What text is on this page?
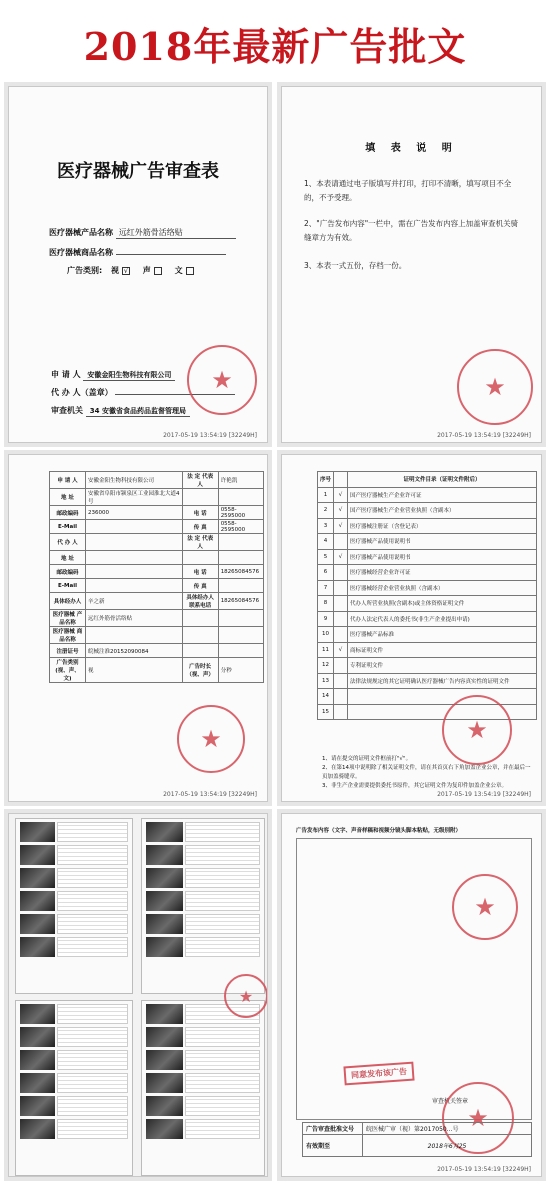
2018年最新广告批文
医疗器械广告审查表
医疗器械产品名称 远红外筋骨活络贴
医疗器械商品名称
广告类别: 视 √ 声	文
申 请 人 安徽金阳生物科技有限公司
代 办 人（盖章）
审查机关 34 安徽省食品药品监督管理局
★
2017-05-19 13:54:19 [32249H]
填 表 说 明
1、本表请通过电子版填写并打印，打印不清晰，填写项目不全的，不予受理。
2、"广告发布内容"一栏中，需在广告发布内容上加盖审查机关骑缝章方为有效。
3、本表一式五份，存档一份。
★
2017-05-19 13:54:19 [32249H]
申 请 人	安徽金阳生物科技有限公司	法 定 代表人	许艳凯
地 址	安徽省阜阳市颍泉区工业园淮北大道4号		
邮政编码	236000	电 话	0558-2595000
E-Mail		传 真	0558-2595000
代 办 人		法 定 代表人	
地 址			
邮政编码		电 话	18265084576
E-Mail		传 真	
具体经办人	辛之新	具体经办人 联系电话	18265084576
医疗器械 产品名称	远红外筋骨活络贴		
医疗器械 商品名称			
注册证号	皖械注准20152090084		
广告类别 (视、声、文)	视	广告时长（视、声）	分秒
★
2017-05-19 13:54:19 [32249H]
序号		证明文件目录（证明文件附后）
1	√	国产医疗器械生产企业许可证
2	√	国产医疗器械生产企业营业执照（含副本）
3	√	医疗器械注册证（含登记表）
4		医疗器械产品使用说明书
5	√	医疗器械产品使用说明书
6		医疗器械经营企业许可证
7		医疗器械经营企业营业执照（含副本）
8		代办人所营业执照(含副本)或主体资格证明文件
9		代办人法定代表人的委托书(非生产企业提出申请)
10		医疗器械产品标准
11	√	商标证明文件
12		专利证明文件
13		法律法规规定的其它证明确认医疗器械广告内容真实性的证明文件
14		
15		
1、请在提交的证明文件框前打"√"。
2、在第14项中说明除了相关证明文件，请在其首页右下角加盖企业公章，并在最后一页加盖骑缝章。
3、非生产企业需要提供委托书原件，其它证明文件为复印件加盖企业公章。
★
2017-05-19 13:54:19 [32249H]
★
广告发布内容（文字、声音样稿和视频分镜头脚本粘贴，无级别附）
★
同意发布该广告
审查机关签章
★
广告审查批准文号	皖医械广审（视）第2017050...号
有效期至	2018年6月25
2017-05-19 13:54:19 [32249H]
